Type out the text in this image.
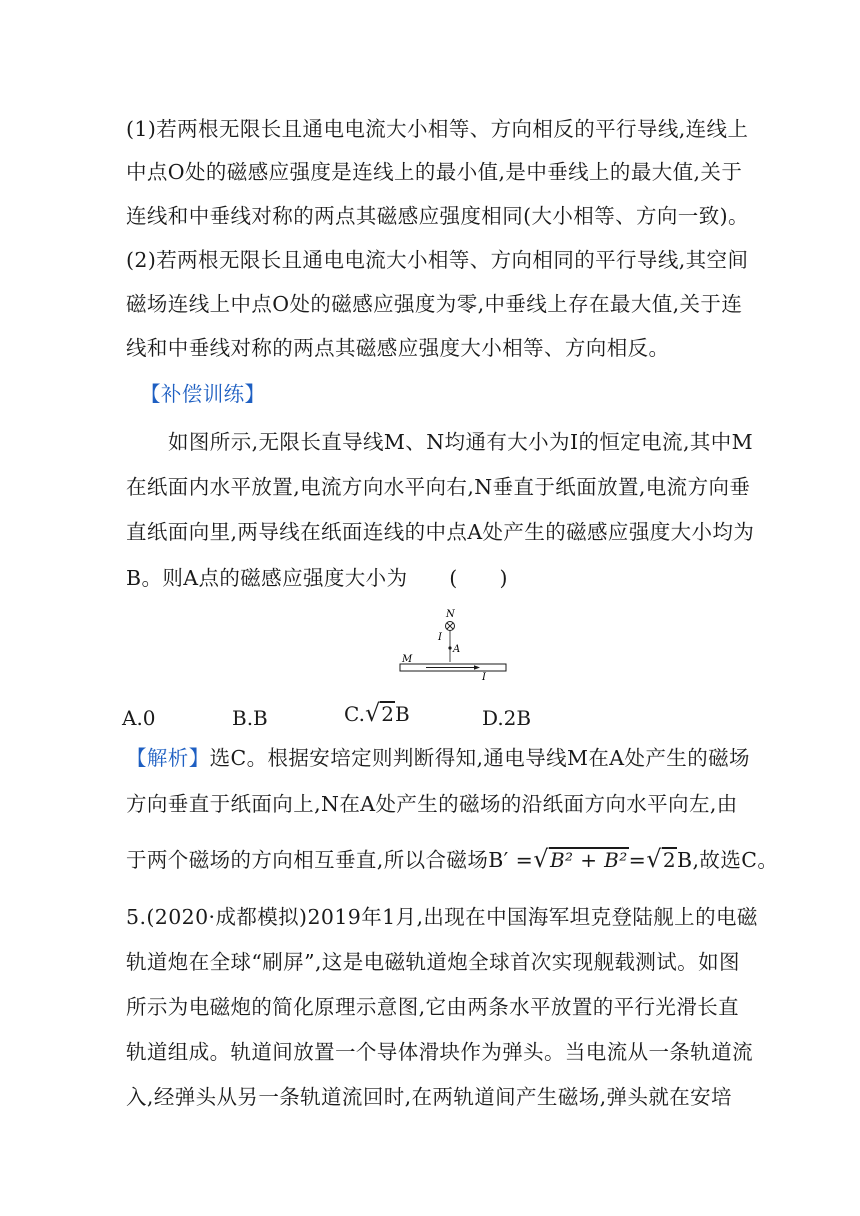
(1)若两根无限长且通电电流大小相等、方向相反的平行导线,连线上
中点O处的磁感应强度是连线上的最小值,是中垂线上的最大值,关于
连线和中垂线对称的两点其磁感应强度相同(大小相等、方向一致)。
(2)若两根无限长且通电电流大小相等、方向相同的平行导线,其空间
磁场连线上中点O处的磁感应强度为零,中垂线上存在最大值,关于连
线和中垂线对称的两点其磁感应强度大小相等、方向相反。
【补偿训练】
如图所示,无限长直导线M、N均通有大小为I的恒定电流,其中M
在纸面内水平放置,电流方向水平向右,N垂直于纸面放置,电流方向垂
直纸面向里,两导线在纸面连线的中点A处产生的磁感应强度大小均为
B。则A点的磁感应强度大小为　　(　　)
N
I
A
M
I
A.0	B.B	C. √ 2 B	D.2B
【解析】选C。根据安培定则判断得知,通电导线M在A处产生的磁场
方向垂直于纸面向上,N在A处产生的磁场的沿纸面方向水平向左,由
于两个磁场的方向相互垂直,所以合磁场B′ = √ B² + B² = √ 2 B,故选C。
5.(2020·成都模拟)2019年1月,出现在中国海军坦克登陆舰上的电磁
轨道炮在全球“刷屏”,这是电磁轨道炮全球首次实现舰载测试。如图
所示为电磁炮的简化原理示意图,它由两条水平放置的平行光滑长直
轨道组成。轨道间放置一个导体滑块作为弹头。当电流从一条轨道流
入,经弹头从另一条轨道流回时,在两轨道间产生磁场,弹头就在安培
